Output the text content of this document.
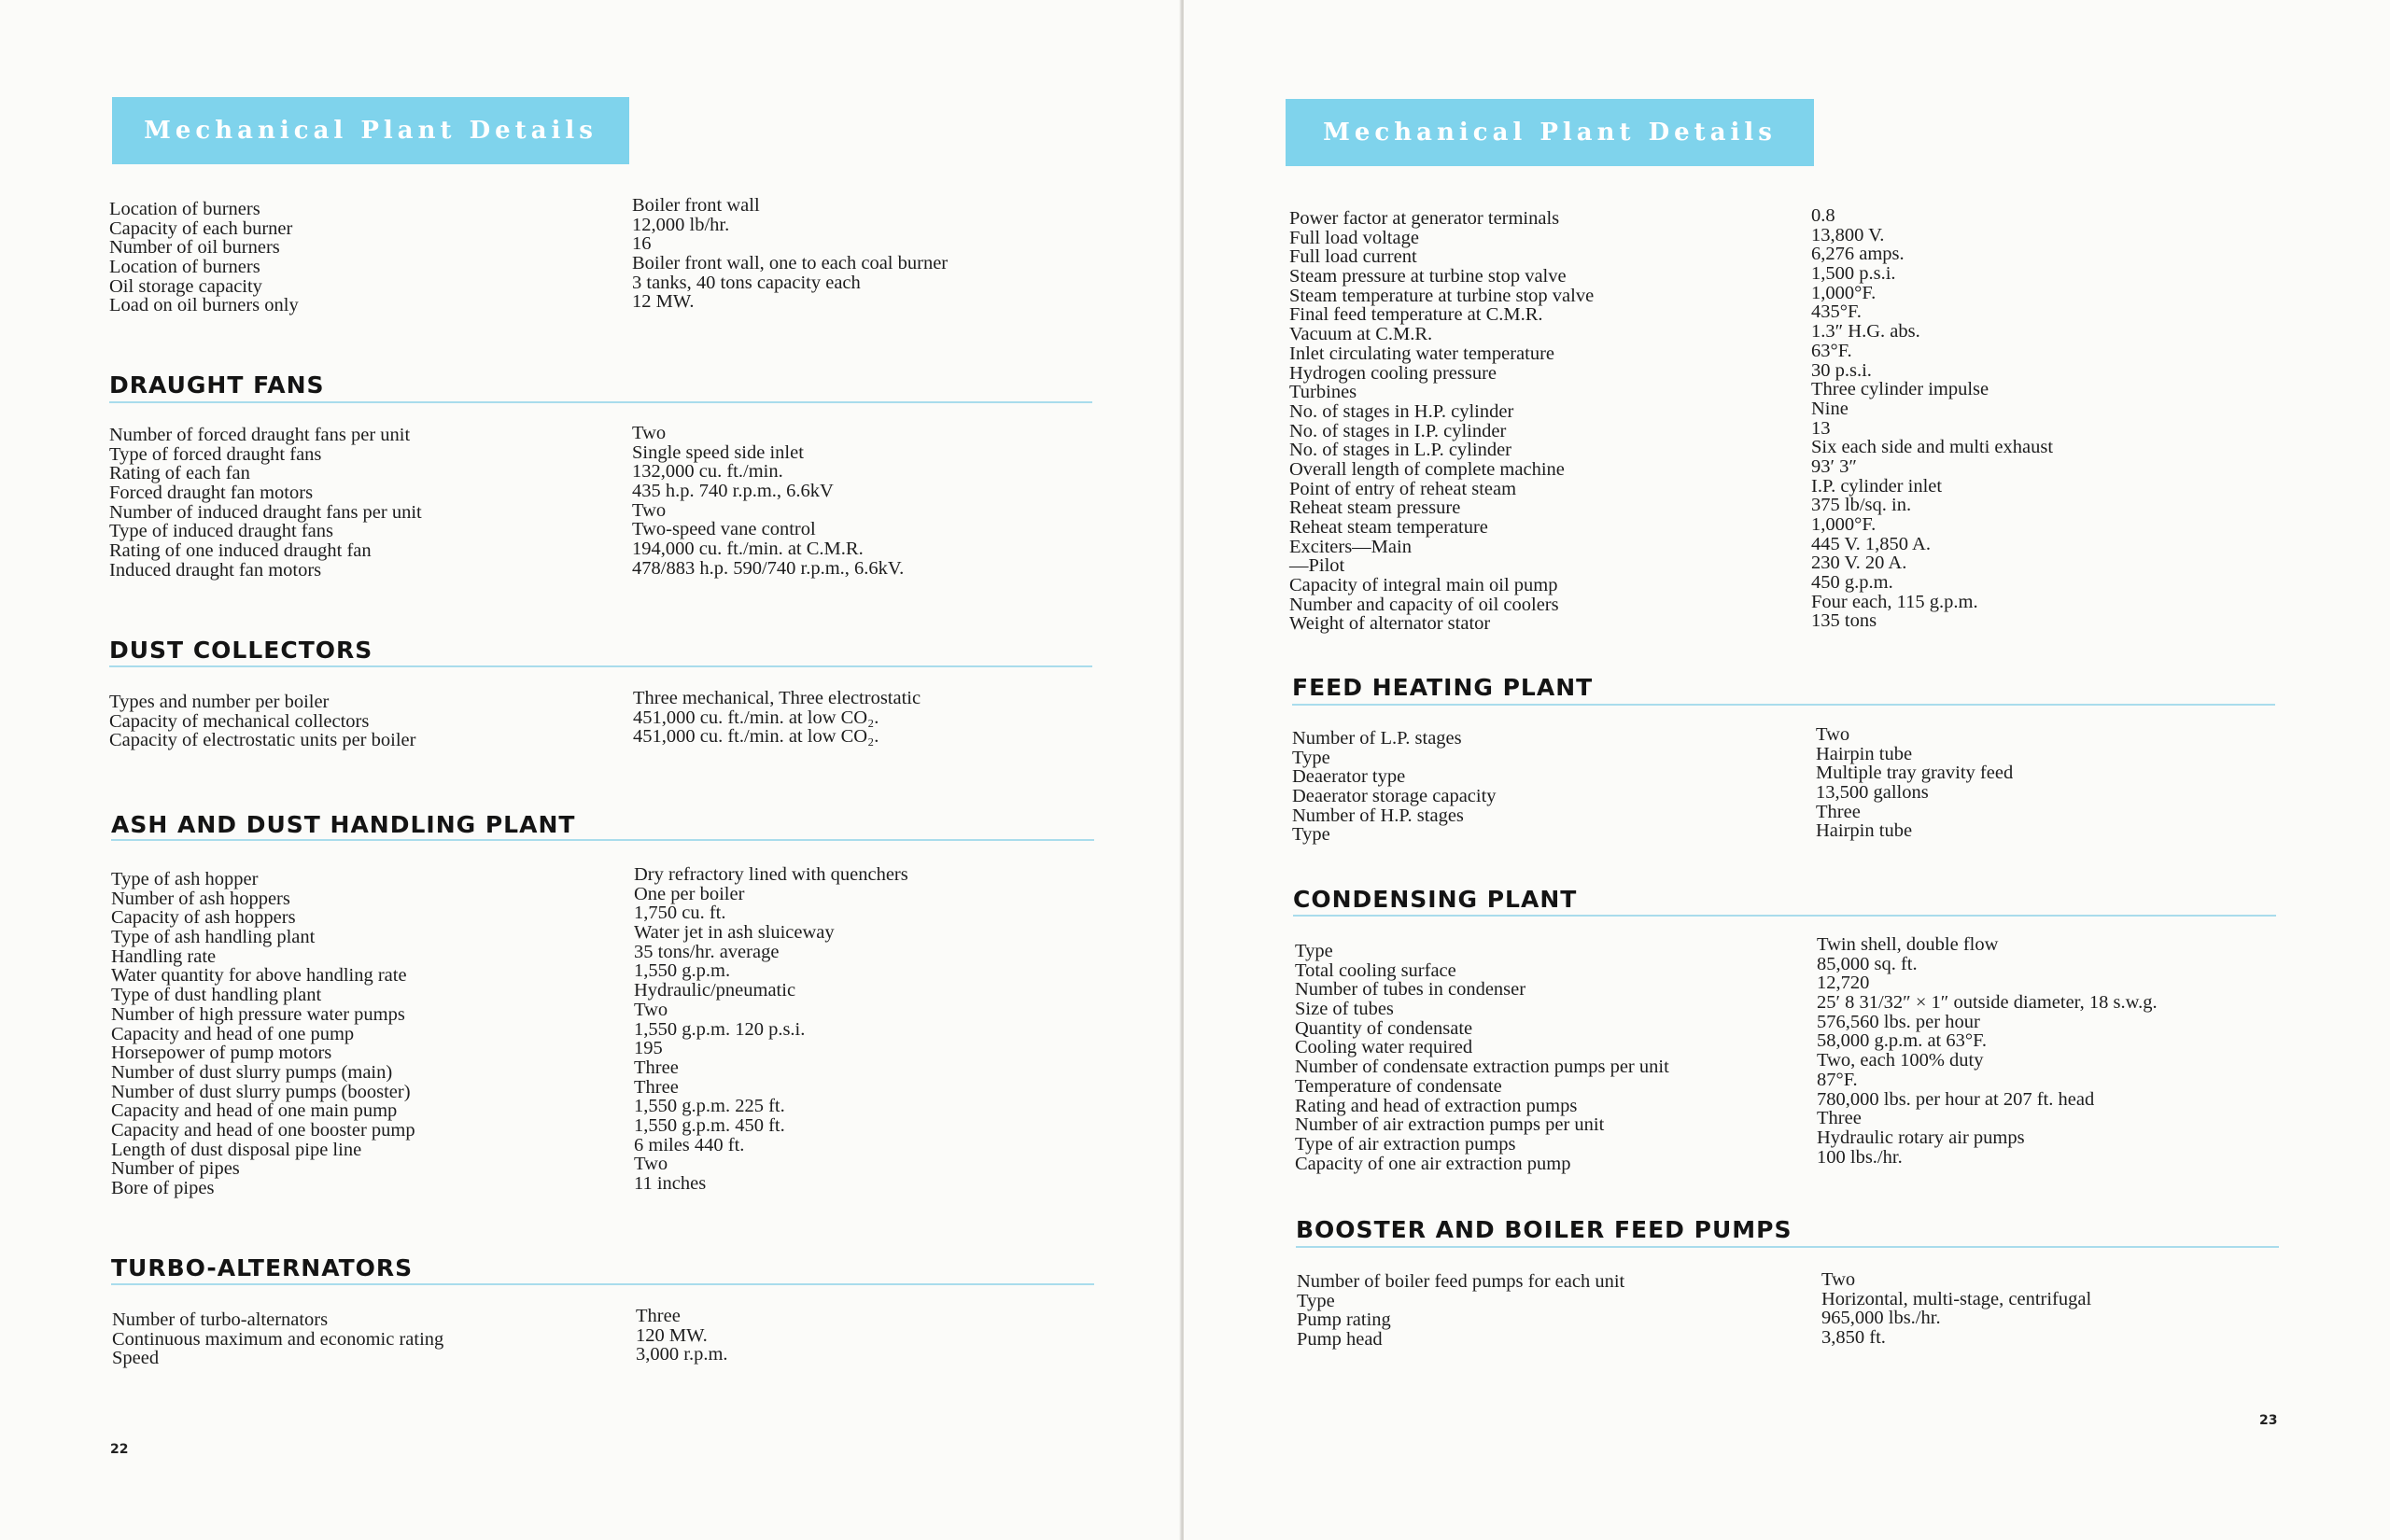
Mechanical Plant Details
Location of burners
Capacity of each burner
Number of oil burners
Location of burners
Oil storage capacity
Load on oil burners only
Boiler front wall
12,000 lb/hr.
16
Boiler front wall, one to each coal burner
3 tanks, 40 tons capacity each
12 MW.
DRAUGHT FANS
Number of forced draught fans per unit
Type of forced draught fans
Rating of each fan
Forced draught fan motors
Number of induced draught fans per unit
Type of induced draught fans
Rating of one induced draught fan
Induced draught fan motors
Two
Single speed side inlet
132,000 cu. ft./min.
435 h.p. 740 r.p.m., 6.6kV
Two
Two-speed vane control
194,000 cu. ft./min. at C.M.R.
478/883 h.p. 590/740 r.p.m., 6.6kV.
DUST COLLECTORS
Types and number per boiler
Capacity of mechanical collectors
Capacity of electrostatic units per boiler
Three mechanical, Three electrostatic
451,000 cu. ft./min. at low CO₂.
451,000 cu. ft./min. at low CO₂.
ASH AND DUST HANDLING PLANT
Type of ash hopper
Number of ash hoppers
Capacity of ash hoppers
Type of ash handling plant
Handling rate
Water quantity for above handling rate
Type of dust handling plant
Number of high pressure water pumps
Capacity and head of one pump
Horsepower of pump motors
Number of dust slurry pumps (main)
Number of dust slurry pumps (booster)
Capacity and head of one main pump
Capacity and head of one booster pump
Length of dust disposal pipe line
Number of pipes
Bore of pipes
Dry refractory lined with quenchers
One per boiler
1,750 cu. ft.
Water jet in ash sluiceway
35 tons/hr. average
1,550 g.p.m.
Hydraulic/pneumatic
Two
1,550 g.p.m. 120 p.s.i.
195
Three
Three
1,550 g.p.m. 225 ft.
1,550 g.p.m. 450 ft.
6 miles 440 ft.
Two
11 inches
TURBO-ALTERNATORS
Number of turbo-alternators
Continuous maximum and economic rating
Speed
Three
120 MW.
3,000 r.p.m.
22
Mechanical Plant Details
Power factor at generator terminals
Full load voltage
Full load current
Steam pressure at turbine stop valve
Steam temperature at turbine stop valve
Final feed temperature at C.M.R.
Vacuum at C.M.R.
Inlet circulating water temperature
Hydrogen cooling pressure
Turbines
No. of stages in H.P. cylinder
No. of stages in I.P. cylinder
No. of stages in L.P. cylinder
Overall length of complete machine
Point of entry of reheat steam
Reheat steam pressure
Reheat steam temperature
Exciters—Main
—Pilot
Capacity of integral main oil pump
Number and capacity of oil coolers
Weight of alternator stator
0.8
13,800 V.
6,276 amps.
1,500 p.s.i.
1,000°F.
435°F.
1.3″ H.G. abs.
63°F.
30 p.s.i.
Three cylinder impulse
Nine
13
Six each side and multi exhaust
93′ 3″
I.P. cylinder inlet
375 lb/sq. in.
1,000°F.
445 V. 1,850 A.
230 V. 20 A.
450 g.p.m.
Four each, 115 g.p.m.
135 tons
FEED HEATING PLANT
Number of L.P. stages
Type
Deaerator type
Deaerator storage capacity
Number of H.P. stages
Type
Two
Hairpin tube
Multiple tray gravity feed
13,500 gallons
Three
Hairpin tube
CONDENSING PLANT
Type
Total cooling surface
Number of tubes in condenser
Size of tubes
Quantity of condensate
Cooling water required
Number of condensate extraction pumps per unit
Temperature of condensate
Rating and head of extraction pumps
Number of air extraction pumps per unit
Type of air extraction pumps
Capacity of one air extraction pump
Twin shell, double flow
85,000 sq. ft.
12,720
25′ 8 31/32″ × 1″ outside diameter, 18 s.w.g.
576,560 lbs. per hour
58,000 g.p.m. at 63°F.
Two, each 100% duty
87°F.
780,000 lbs. per hour at 207 ft. head
Three
Hydraulic rotary air pumps
100 lbs./hr.
BOOSTER AND BOILER FEED PUMPS
Number of boiler feed pumps for each unit
Type
Pump rating
Pump head
Two
Horizontal, multi-stage, centrifugal
965,000 lbs./hr.
3,850 ft.
23
